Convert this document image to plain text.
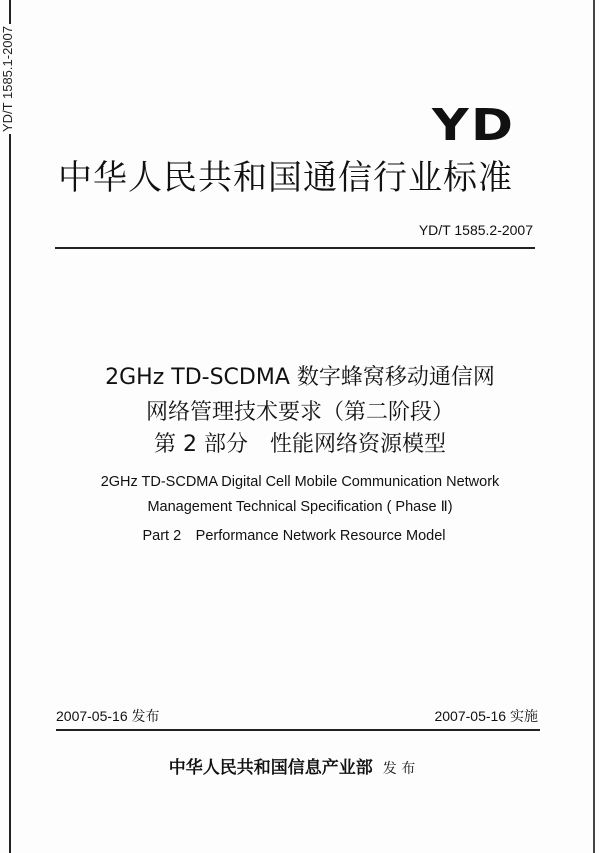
YD/T 1585.1-2007	YD
中华人民共和国通信行业标准
YD/T 1585.2-2007
2GHz TD-SCDMA 数字蜂窝移动通信网
网络管理技术要求（第二阶段）
第 2 部分　性能网络资源模型
2GHz TD-SCDMA Digital Cell Mobile Communication Network
Management Technical Specification ( Phase Ⅱ)
Part 2　Performance Network Resource Model
2007-05-16 发布	2007-05-16 实施
中华人民共和国信息产业部 发 布
